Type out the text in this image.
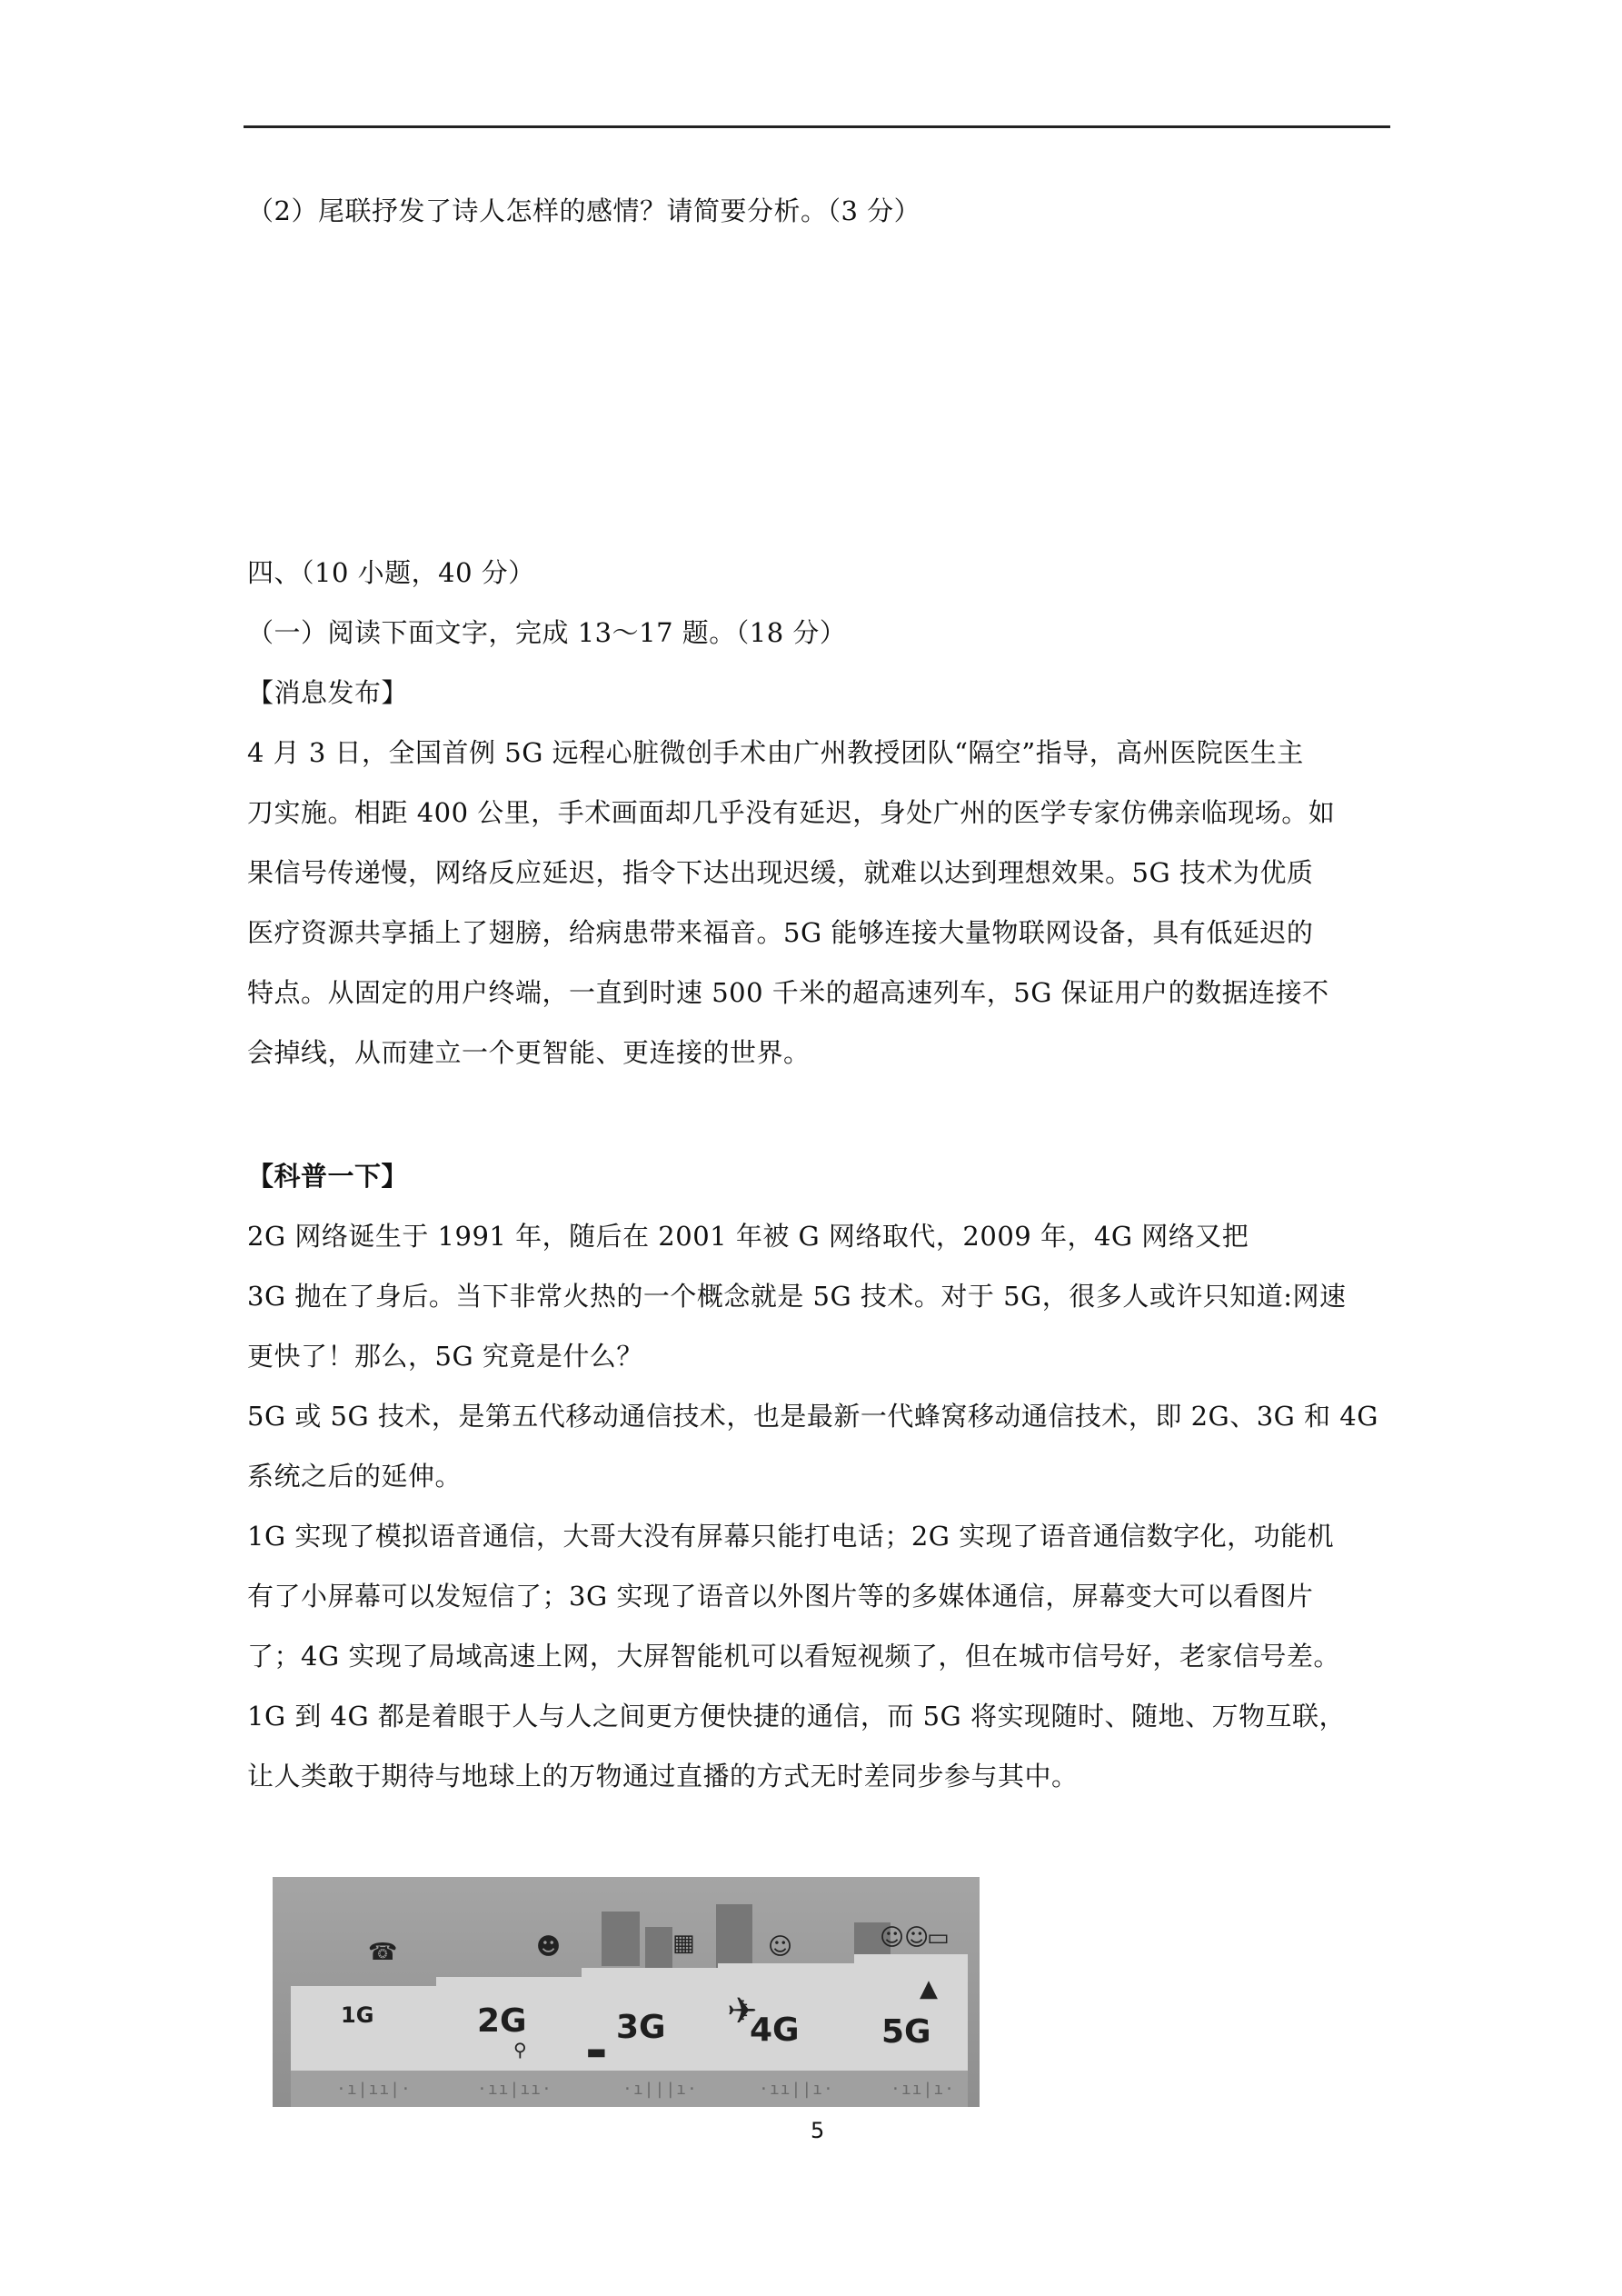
（2）尾联抒发了诗人怎样的感情？请简要分析。（3 分）
四、（10 小题，40 分）
（一）阅读下面文字，完成 13～17 题。（18 分）
【消息发布】
4 月 3 日，全国首例 5G 远程心脏微创手术由广州教授团队“隔空”指导，高州医院医生主
刀实施。相距 400 公里，手术画面却几乎没有延迟，身处广州的医学专家仿佛亲临现场。如
果信号传递慢，网络反应延迟，指令下达出现迟缓，就难以达到理想效果。5G 技术为优质
医疗资源共享插上了翅膀，给病患带来福音。5G 能够连接大量物联网设备，具有低延迟的
特点。从固定的用户终端，一直到时速 500 千米的超高速列车，5G 保证用户的数据连接不
会掉线，从而建立一个更智能、更连接的世界。
【科普一下】
2G 网络诞生于 1991 年，随后在 2001 年被 G 网络取代，2009 年，4G 网络又把
3G 抛在了身后。当下非常火热的一个概念就是 5G 技术。对于 5G，很多人或许只知道:网速
更快了！那么，5G 究竟是什么？
5G 或 5G 技术，是第五代移动通信技术，也是最新一代蜂窝移动通信技术，即 2G、3G 和 4G
系统之后的延伸。
1G 实现了模拟语音通信，大哥大没有屏幕只能打电话；2G 实现了语音通信数字化，功能机
有了小屏幕可以发短信了；3G 实现了语音以外图片等的多媒体通信，屏幕变大可以看图片
了；4G 实现了局域高速上网，大屏智能机可以看短视频了，但在城市信号好，老家信号差。
1G 到 4G 都是着眼于人与人之间更方便快捷的通信，而 5G 将实现随时、随地、万物互联，
让人类敢于期待与地球上的万物通过直播的方式无时差同步参与其中。
☎	☻	▦	☺	☺☺
▭
▲
✈
⚲	▬
1G	2G	3G	4G	5G
·ı|ıı|·	·ıı|ıı·	·ı|||ı·	·ıı||ı·	·ıı|ı·
5
